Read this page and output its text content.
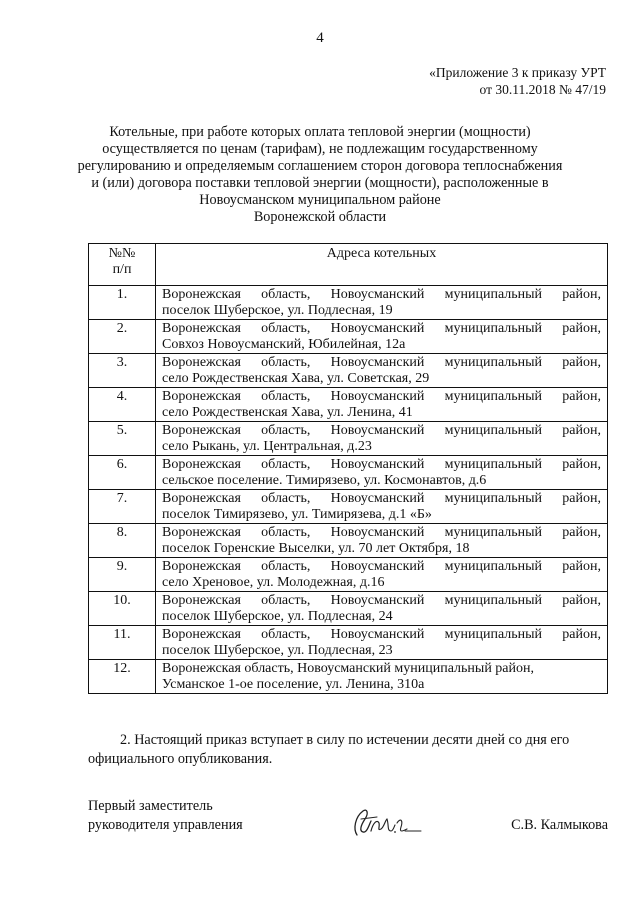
4
«Приложение 3 к приказу УРТ
от 30.11.2018 № 47/19
Котельные, при работе которых оплата тепловой энергии (мощности)
осуществляется по ценам (тарифам), не подлежащим государственному
регулированию и определяемым соглашением сторон договора теплоснабжения
и (или) договора поставки тепловой энергии (мощности), расположенные в
Новоусманском муниципальном районе
Воронежской области
№№
п/п	Адреса котельных
1.	Воронежская область, Новоусманский муниципальный район,
поселок Шуберское, ул. Подлесная, 19

2.	Воронежская область, Новоусманский муниципальный район,
Совхоз Новоусманский, Юбилейная, 12а

3.	Воронежская область, Новоусманский муниципальный район,
село Рождественская Хава, ул. Советская, 29

4.	Воронежская область, Новоусманский муниципальный район,
село Рождественская Хава, ул. Ленина, 41

5.	Воронежская область, Новоусманский муниципальный район,
село Рыкань, ул. Центральная, д.23

6.	Воронежская область, Новоусманский муниципальный район,
сельское поселение. Тимирязево, ул. Космонавтов, д.6

7.	Воронежская область, Новоусманский муниципальный район,
поселок Тимирязево, ул. Тимирязева, д.1 «Б»

8.	Воронежская область, Новоусманский муниципальный район,
поселок Горенские Выселки, ул. 70 лет Октября, 18

9.	Воронежская область, Новоусманский муниципальный район,
село Хреновое, ул. Молодежная, д.16

10.	Воронежская область, Новоусманский муниципальный район,
поселок Шуберское, ул. Подлесная, 24

11.	Воронежская область, Новоусманский муниципальный район,
поселок Шуберское, ул. Подлесная, 23

12.	Воронежская область, Новоусманский муниципальный район,
Усманское 1-ое поселение, ул. Ленина, 310а
2. Настоящий приказ вступает в силу по истечении десяти дней со дня его
официального опубликования.
Первый заместитель
руководителя управления	С.В. Калмыкова
